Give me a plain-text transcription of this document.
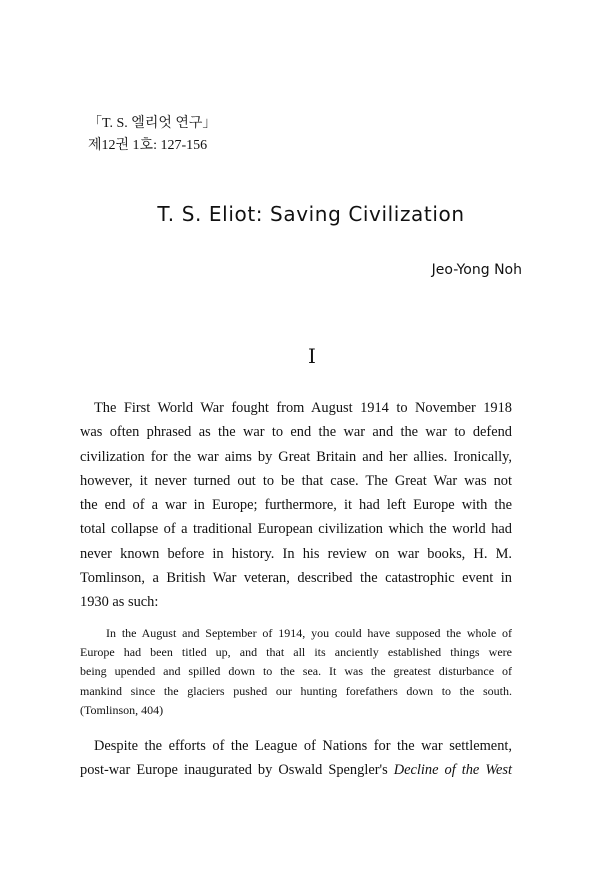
「T. S. 엘리엇 연구」
제12권 1호: 127-156
T. S. Eliot: Saving Civilization
Jeo-Yong Noh
I
The First World War fought from August 1914 to November 1918
was often phrased as the war to end the war and the war to defend
civilization for the war aims by Great Britain and her allies. Ironically,
however, it never turned out to be that case. The Great War was not
the end of a war in Europe; furthermore, it had left Europe with the
total collapse of a traditional European civilization which the world had
never known before in history. In his review on war books, H. M.
Tomlinson, a British War veteran, described the catastrophic event in
1930 as such:
In the August and September of 1914, you could have supposed the whole of
Europe had been titled up, and that all its anciently established things were
being upended and spilled down to the sea. It was the greatest disturbance of
mankind since the glaciers pushed our hunting forefathers down to the south.
(Tomlinson, 404)
Despite the efforts of the League of Nations for the war settlement,
post-war Europe inaugurated by Oswald Spengler's Decline of the West
